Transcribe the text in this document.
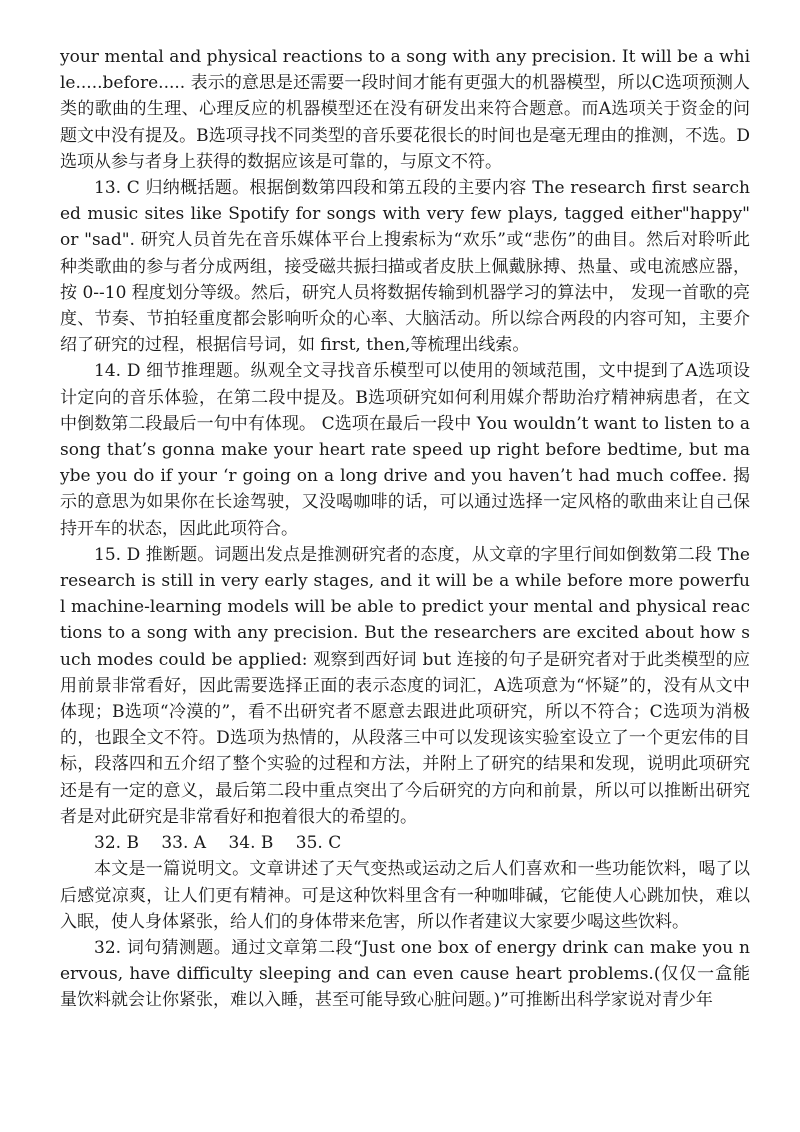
your mental and physical reactions to a song with any precision. It will be a while.....before..... 表示的意思是还需要一段时间才能有更强大的机器模型，所以C选项预测人类的歌曲的生理、心理反应的机器模型还在没有研发出来符合题意。而A选项关于资金的问题文中没有提及。B选项寻找不同类型的音乐要花很长的时间也是毫无理由的推测，不选。D选项从参与者身上获得的数据应该是可靠的，与原文不符。

13. C 归纳概括题。根据倒数第四段和第五段的主要内容 The research first searched music sites like Spotify for songs with very few plays, tagged either"happy" or "sad". 研究人员首先在音乐媒体平台上搜索标为“欢乐”或“悲伤”的曲目。然后对聆听此种类歌曲的参与者分成两组，接受磁共振扫描或者皮肤上佩戴脉搏、热量、或电流感应器，按 0--10 程度划分等级。然后，研究人员将数据传输到机器学习的算法中， 发现一首歌的亮度、节奏、节拍轻重度都会影响听众的心率、大脑活动。所以综合两段的内容可知，主要介绍了研究的过程，根据信号词，如 first, then,等梳理出线索。

14. D 细节推理题。纵观全文寻找音乐模型可以使用的领域范围，文中提到了A选项设计定向的音乐体验，在第二段中提及。B选项研究如何利用媒介帮助治疗精神病患者，在文中倒数第二段最后一句中有体现。 C选项在最后一段中 You wouldn’t want to listen to a song that’s gonna make your heart rate speed up right before bedtime, but maybe you do if your ‘r going on a long drive and you haven’t had much coffee. 揭示的意思为如果你在长途驾驶，又没喝咖啡的话，可以通过选择一定风格的歌曲来让自己保持开车的状态，因此此项符合。

15. D 推断题。词题出发点是推测研究者的态度，从文章的字里行间如倒数第二段 The research is still in very early stages, and it will be a while before more powerful machine-learning models will be able to predict your mental and physical reactions to a song with any precision. But the researchers are excited about how such modes could be applied: 观察到西好词 but 连接的句子是研究者对于此类模型的应用前景非常看好，因此需要选择正面的表示态度的词汇，A选项意为“怀疑”的，没有从文中体现；B选项“冷漠的”，看不出研究者不愿意去跟进此项研究，所以不符合；C选项为消极的，也跟全文不符。D选项为热情的，从段落三中可以发现该实验室设立了一个更宏伟的目标，段落四和五介绍了整个实验的过程和方法，并附上了研究的结果和发现，说明此项研究还是有一定的意义，最后第二段中重点突出了今后研究的方向和前景，所以可以推断出研究者是对此研究是非常看好和抱着很大的希望的。

32. B　 33. A　 34. B　 35. C

本文是一篇说明文。文章讲述了天气变热或运动之后人们喜欢和一些功能饮料，喝了以后感觉凉爽，让人们更有精神。可是这种饮料里含有一种咖啡碱，它能使人心跳加快，难以入眠，使人身体紧张，给人们的身体带来危害，所以作者建议大家要少喝这些饮料。

32. 词句猜测题。通过文章第二段“Just one box of energy drink can make you nervous, have difficulty sleeping and can even cause heart problems.(仅仅一盒能量饮料就会让你紧张，难以入睡，甚至可能导致心脏问题。)”可推断出科学家说对青少年
